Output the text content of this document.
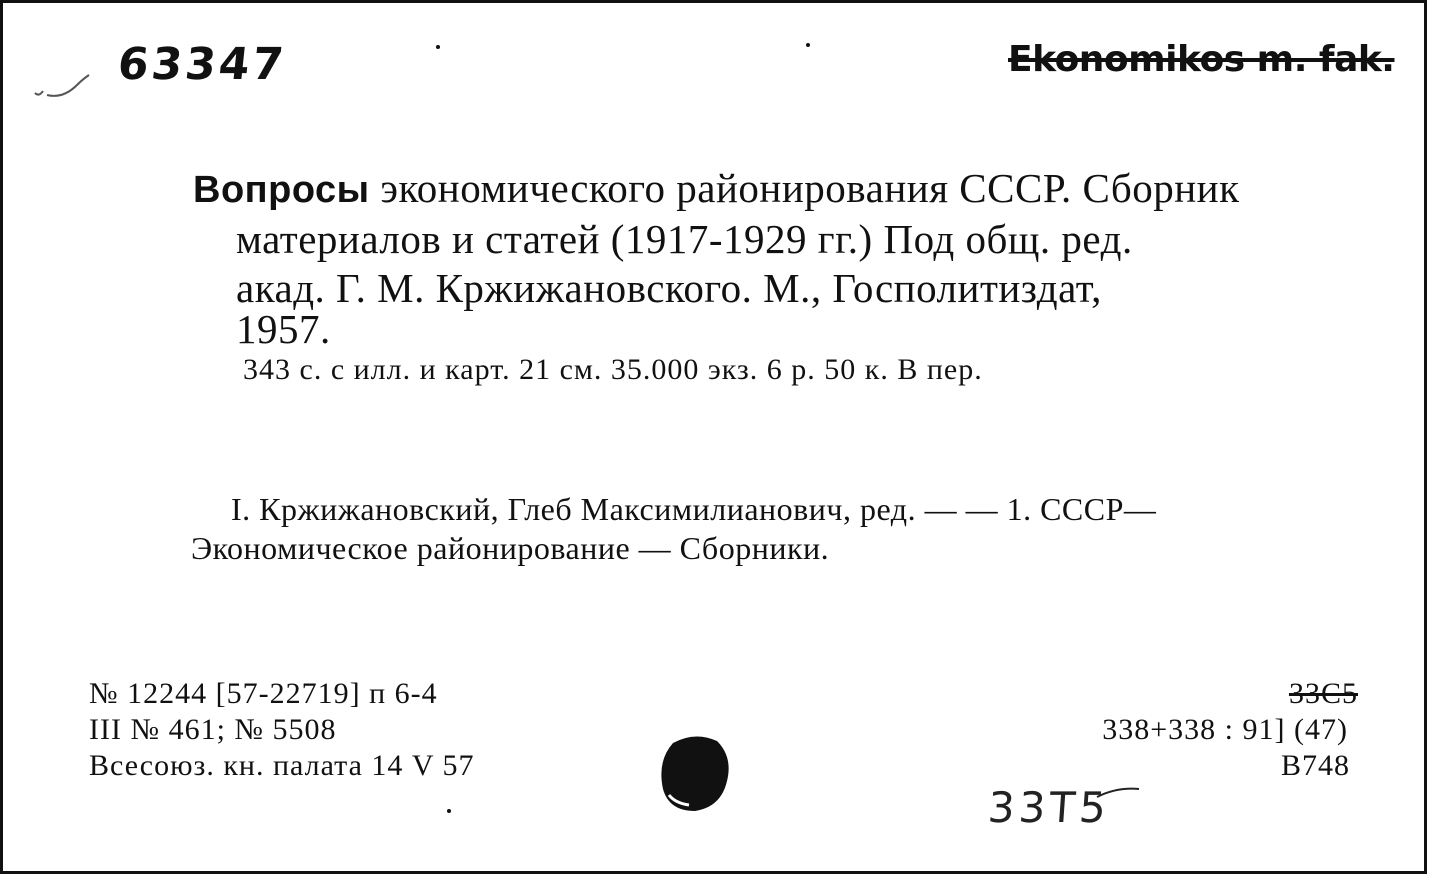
63347	Ekonomikos m. fak.
Вопросы экономического районирования СССР. Сборник
материалов и статей (1917-1929 гг.) Под общ. ред.
акад. Г. М. Кржижановского. М., Госполитиздат,
1957.
343 с. с илл. и карт. 21 см. 35.000 экз. 6 р. 50 к. В пер.
I. Кржижановский, Глеб Максимилианович, ред. — — 1. СССР—
Экономическое районирование — Сборники.
№ 12244 [57-22719] п 6-4
III № 461; № 5508
Всесоюз. кн. палата 14 V 57
33С5
338+338 : 91] (47)
В748
33Т5
